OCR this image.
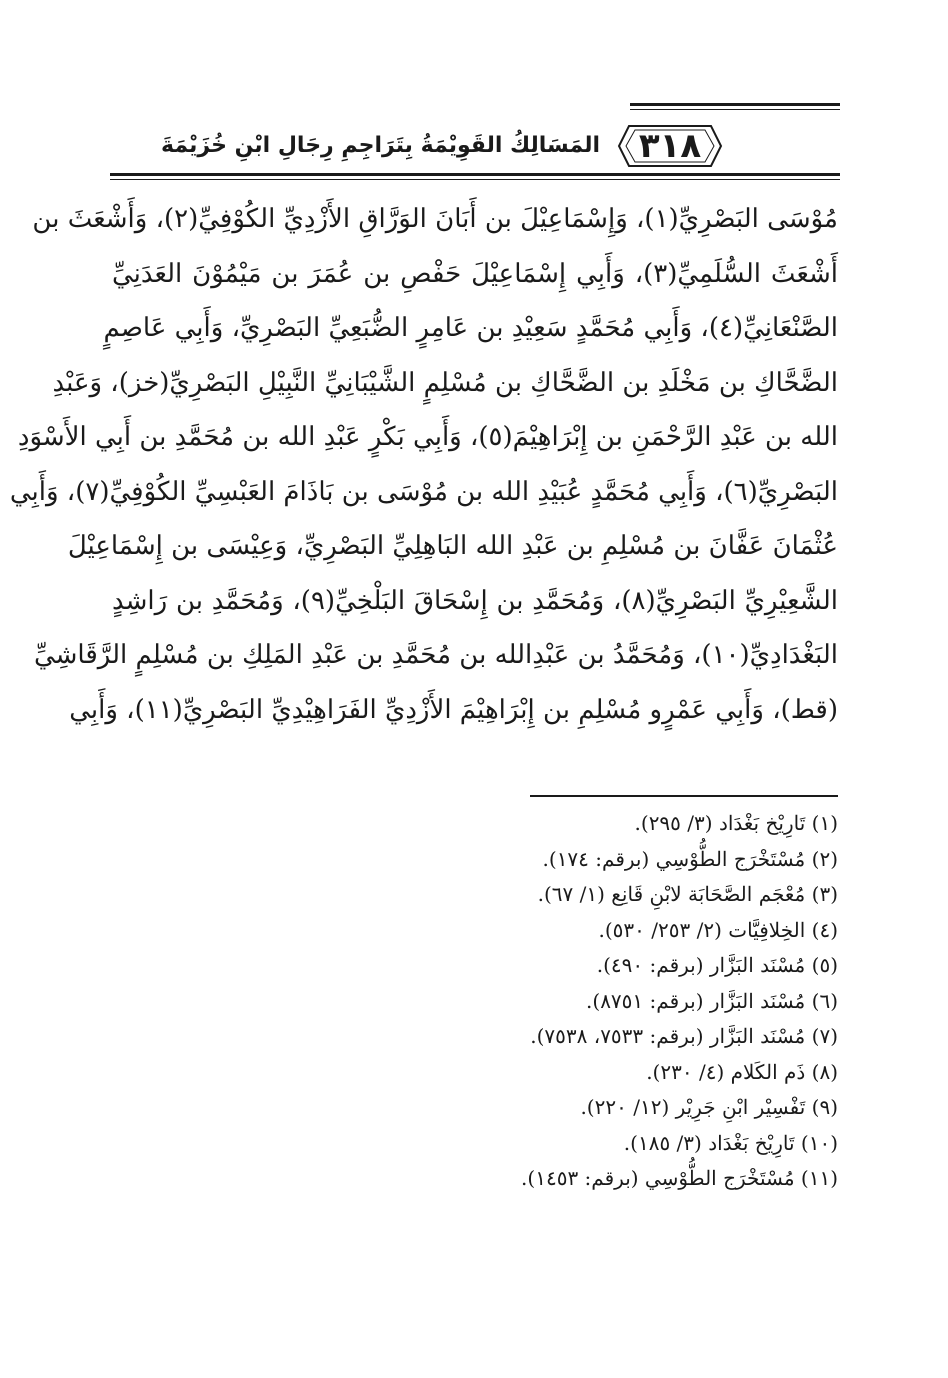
٣١٨
المَسَالِكُ القَوِيْمَةُ بِتَرَاجِمِ رِجَالِ ابْنِ خُزَيْمَةَ
مُوْسَى البَصْرِيِّ(١)، وَإِسْمَاعِيْلَ بن أَبَانَ الوَرَّاقِ الأَزْدِيِّ الكُوْفِيِّ(٢)، وَأَشْعَثَ بن
أَشْعَثَ السُّلَمِيِّ(٣)، وَأَبِي إِسْمَاعِيْلَ حَفْصِ بن عُمَرَ بن مَيْمُوْنَ العَدَنِيِّ
الصَّنْعَانِيِّ(٤)، وَأَبِي مُحَمَّدٍ سَعِيْدِ بن عَامِرٍ الضُّبَعِيِّ البَصْرِيِّ، وَأَبِي عَاصِمٍ
الضَّحَّاكِ بن مَخْلَدِ بن الضَّحَّاكِ بن مُسْلِمٍ الشَّيْبَانِيِّ النَّبِيْلِ البَصْرِيِّ(خز)، وَعَبْدِ
الله بن عَبْدِ الرَّحْمَنِ بن إِبْرَاهِيْمَ(٥)، وَأَبِي بَكْرٍ عَبْدِ الله بن مُحَمَّدِ بن أَبِي الأَسْوَدِ
البَصْرِيِّ(٦)، وَأَبِي مُحَمَّدٍ عُبَيْدِ الله بن مُوْسَى بن بَاذَامَ العَبْسِيِّ الكُوْفِيِّ(٧)، وَأَبِي
عُثْمَانَ عَفَّانَ بن مُسْلِمِ بن عَبْدِ الله البَاهِلِيِّ البَصْرِيِّ، وَعِيْسَى بن إِسْمَاعِيْلَ
الشَّعِيْرِيِّ البَصْرِيِّ(٨)، وَمُحَمَّدِ بن إِسْحَاقَ البَلْخِيِّ(٩)، وَمُحَمَّدِ بن رَاشِدٍ
البَغْدَادِيِّ(١٠)، وَمُحَمَّدُ بن عَبْدِالله بن مُحَمَّدِ بن عَبْدِ المَلِكِ بن مُسْلِمٍ الرَّقَاشِيِّ
(قط)، وَأَبِي عَمْرٍو مُسْلِمِ بن إِبْرَاهِيْمَ الأَزْدِيِّ الفَرَاهِيْدِيِّ البَصْرِيِّ(١١)، وَأَبِي
(١) تَارِيْخ بَغْدَاد (٣/ ٢٩٥).
(٢) مُسْتَخْرَج الطُّوْسِي (برقم: ١٧٤).
(٣) مُعْجَم الصَّحَابَة لابْنِ قَانِع (١/ ٦٧).
(٤) الخِلافِيَّات (٢/ ٢٥٣/ ٥٣٠).
(٥) مُسْنَد البَزَّار (برقم: ٤٩٠).
(٦) مُسْنَد البَزَّار (برقم: ٨٧٥١).
(٧) مُسْنَد البَزَّار (برقم: ٧٥٣٣، ٧٥٣٨).
(٨) ذَم الكَلام (٤/ ٢٣٠).
(٩) تَفْسِيْر ابْنِ جَرِيْر (١٢/ ٢٢٠).
(١٠) تَارِيْخ بَغْدَاد (٣/ ١٨٥).
(١١) مُسْتَخْرَج الطُّوْسِي (برقم: ١٤٥٣).
